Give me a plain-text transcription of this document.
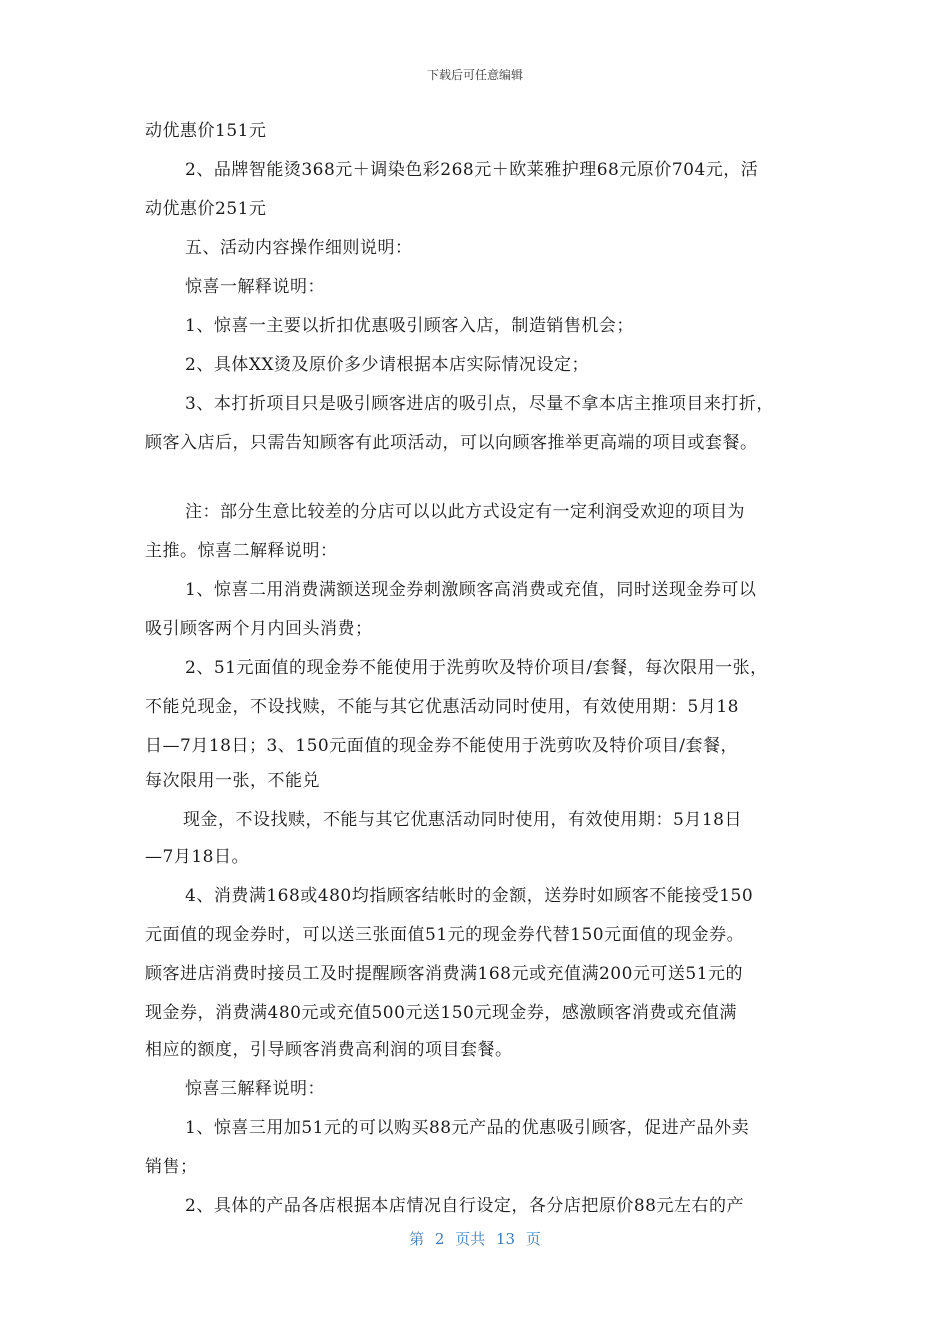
下载后可任意编辑
动优惠价151元
2、品牌智能烫368元＋调染色彩268元＋欧莱雅护理68元原价704元，活
动优惠价251元
五、活动内容操作细则说明：
惊喜一解释说明：
1、惊喜一主要以折扣优惠吸引顾客入店，制造销售机会；
2、具体XX烫及原价多少请根据本店实际情况设定；
3、本打折项目只是吸引顾客进店的吸引点，尽量不拿本店主推项目来打折，
顾客入店后，只需告知顾客有此项活动，可以向顾客推举更高端的项目或套餐。
注：部分生意比较差的分店可以以此方式设定有一定利润受欢迎的项目为
主推。惊喜二解释说明：
1、惊喜二用消费满额送现金券刺激顾客高消费或充值，同时送现金券可以
吸引顾客两个月内回头消费；
2、51元面值的现金券不能使用于洗剪吹及特价项目/套餐，每次限用一张，
不能兑现金，不设找赎，不能与其它优惠活动同时使用，有效使用期：5月18
日—7月18日；3、150元面值的现金券不能使用于洗剪吹及特价项目/套餐，
每次限用一张，不能兑
现金，不设找赎，不能与其它优惠活动同时使用，有效使用期：5月18日
—7月18日。
4、消费满168或480均指顾客结帐时的金额，送券时如顾客不能接受150
元面值的现金券时，可以送三张面值51元的现金券代替150元面值的现金券。
顾客进店消费时接员工及时提醒顾客消费满168元或充值满200元可送51元的
现金券，消费满480元或充值500元送150元现金券，感激顾客消费或充值满
相应的额度，引导顾客消费高利润的项目套餐。
惊喜三解释说明：
1、惊喜三用加51元的可以购买88元产品的优惠吸引顾客，促进产品外卖
销售；
2、具体的产品各店根据本店情况自行设定，各分店把原价88元左右的产
第 2 页共 13 页
